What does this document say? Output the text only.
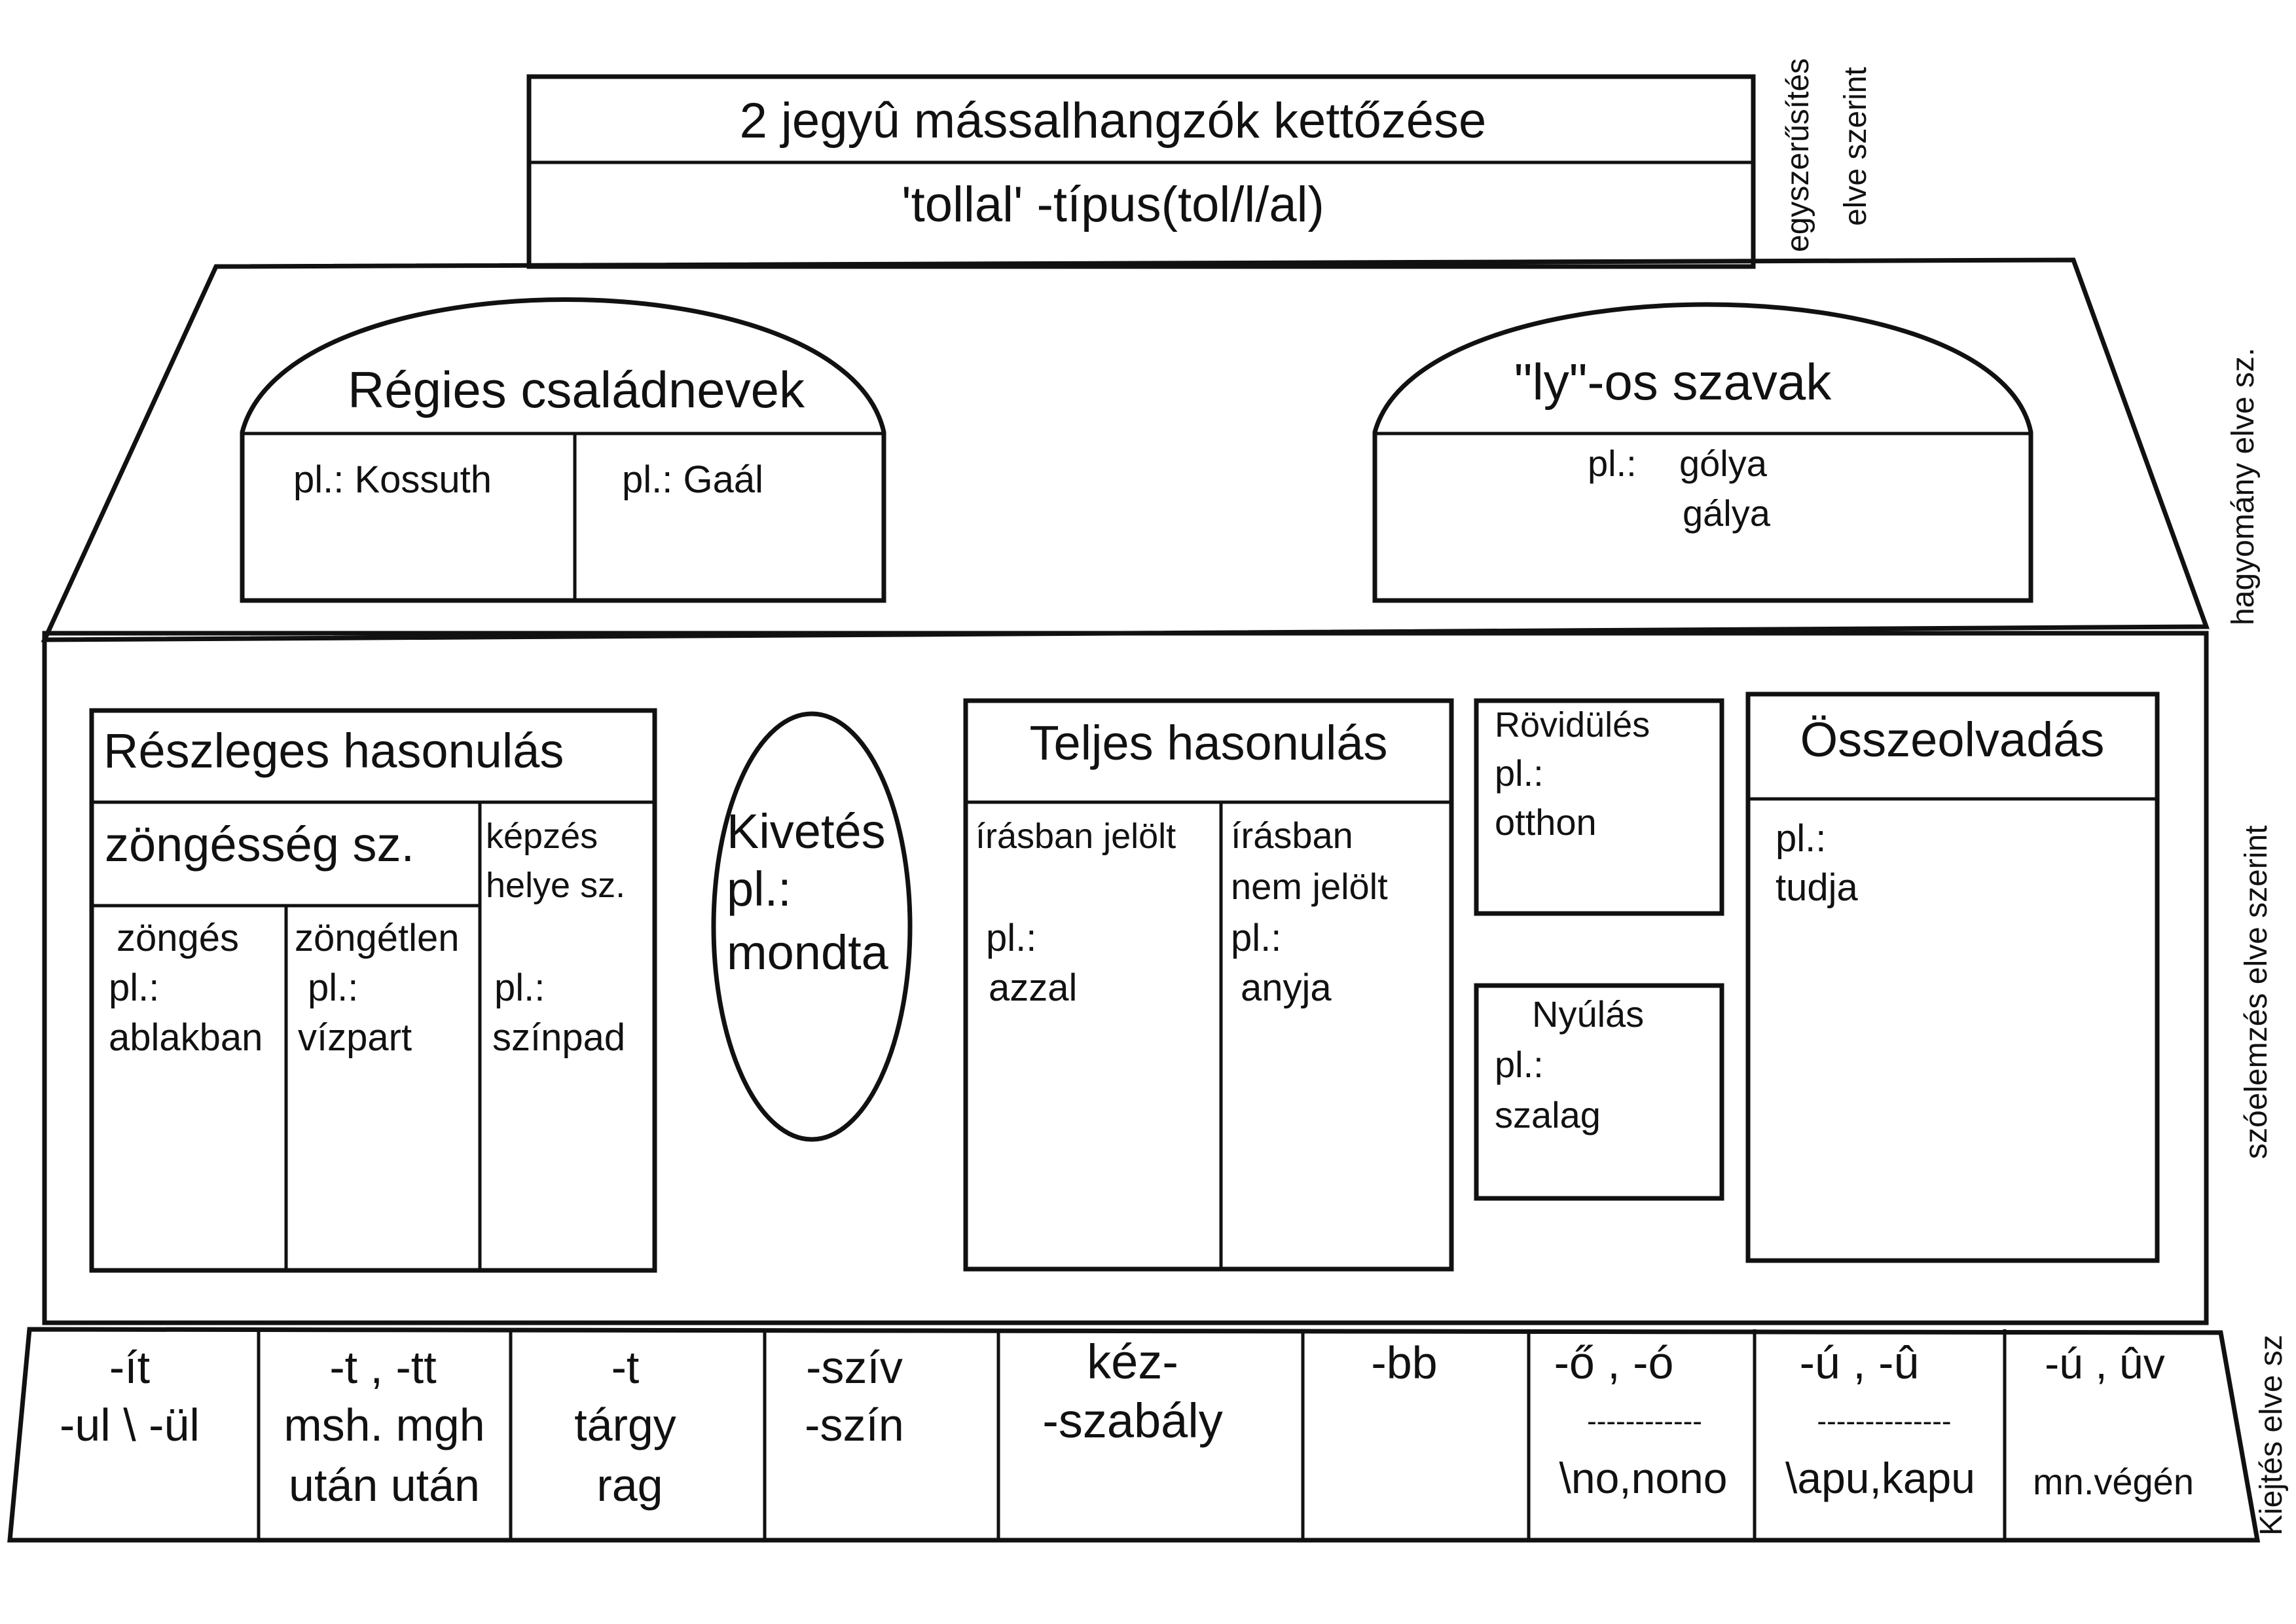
2 jegyû mássalhangzók kettőzése
'tollal' -típus(tol/l/al)
Régies családnevek
pl.: Kossuth	pl.: Gaál
"ly"-os szavak
pl.: gólya
gálya
Részleges hasonulás
zöngésség sz.
zöngés
pl.:
ablakban
zöngétlen
pl.:
vízpart
képzés
helye sz.
pl.:
színpad
Kivetés
pl.:
mondta
Teljes hasonulás
írásban jelölt
pl.:
azzal
írásban
nem jelölt
pl.:
anyja
Rövidülés
pl.:
otthon
Nyúlás
pl.:
szalag
Összeolvadás
pl.:
tudja
-ít
-ul \ -ül
-t , -tt
msh. mgh
után után
-t
tárgy
rag
-szív
-szín
kéz-
-szabály
-bb	-ő , -ó
------------
\no,nono
-ú , -û
--------------
\apu,kapu
-ú , ûv
mn.végén
egyszerűsítés elve szerint
hagyomány elve sz.
szóelemzés elve szerint
Kiejtés elve sz
